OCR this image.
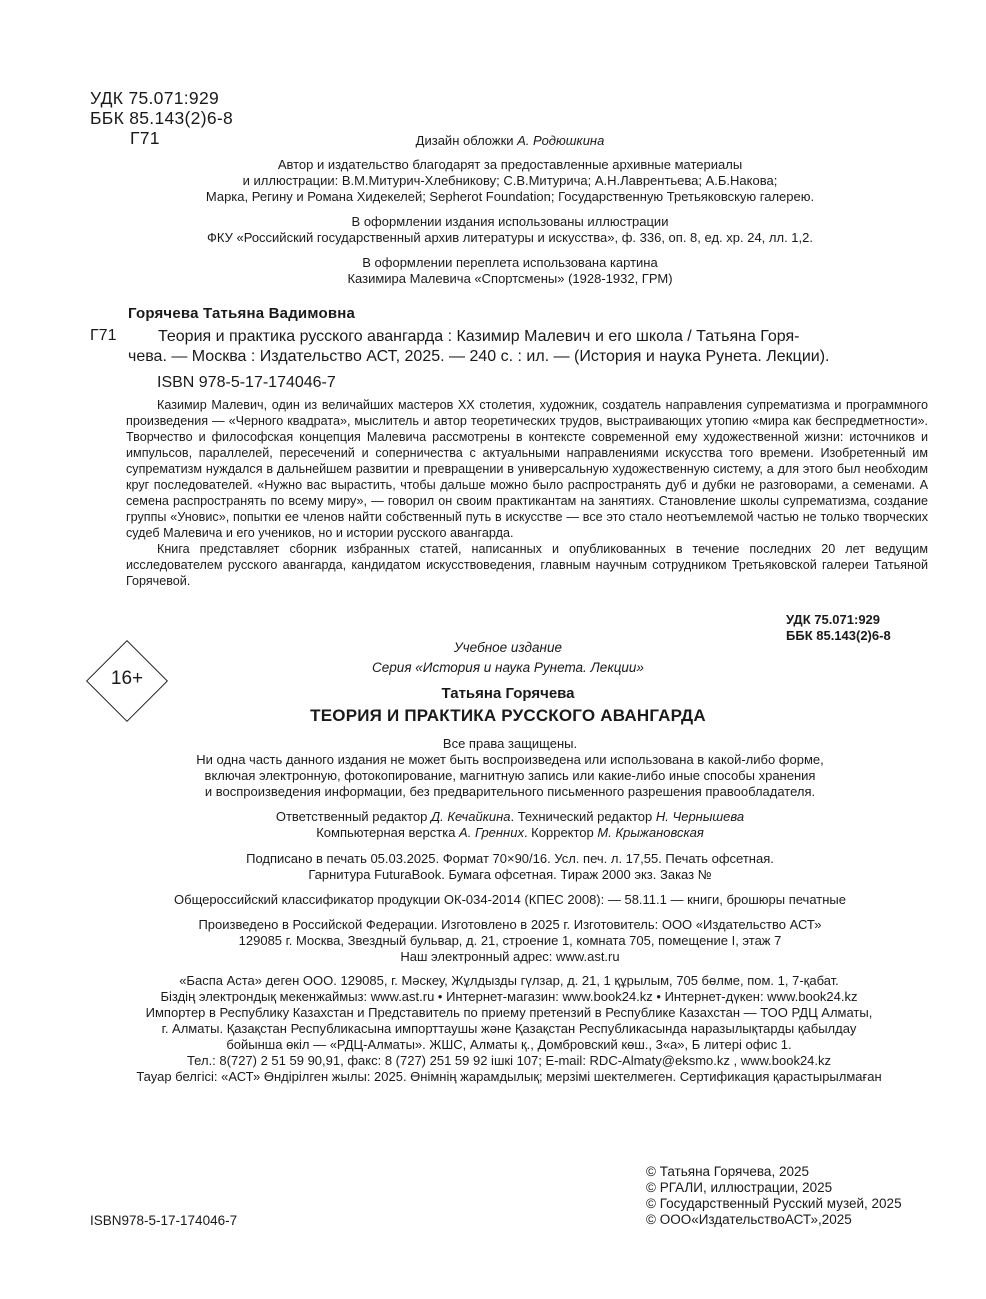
УДК 75.071:929
ББК 85.143(2)6-8
Г71	Дизайн обложки А. Родюшкина

Автор и издательство благодарят за предоставленные архивные материалы

и иллюстрации: В.М.Митурич-Хлебникову; С.В.Митурича; А.Н.Лаврентьева; А.Б.Накова;

Марка, Регину и Романа Хидекелей; Sepherot Foundation; Государственную Третьяковскую галерею.

В оформлении издания использованы иллюстрации

ФКУ «Российский государственный архив литературы и искусства», ф. 336, оп. 8, ед. хр. 24, лл. 1,2.

В оформлении переплета использована картина

Казимира Малевича «Спортсмены» (1928-1932, ГРМ)

Горячева Татьяна Вадимовна
Г71	Теория и практика русского авангарда : Казимир Малевич и его школа / Татьяна Горя-
чева. — Москва : Издательство АСТ, 2025. — 240 с. : ил. — (История и наука Рунета. Лекции).
ISBN 978-5-17-174046-7

Казимир Малевич, один из величайших мастеров XX столетия, художник, создатель направления супрематизма и программного произведения — «Черного квадрата», мыслитель и автор теоретических трудов, выстраивающих утопию «мира как беспредметности». Творчество и философская концепция Малевича рассмотрены в контексте современной ему художественной жизни: источников и импульсов, параллелей, пересечений и соперничества с актуальными направлениями искусства того времени. Изобретенный им супрематизм нуждался в дальнейшем развитии и превращении в универсальную художественную систему, а для этого был необходим круг последователей. «Нужно вас вырастить, чтобы дальше можно было распространять дуб и дубки не разговорами, а семенами. А семена распространять по всему миру», — говорил он своим практикантам на занятиях. Становление школы супрематизма, создание группы «Уновис», попытки ее членов найти собственный путь в искусстве — все это стало неотъемлемой частью не только творческих судеб Малевича и его учеников, но и истории русского авангарда.

Книга представляет сборник избранных статей, написанных и опубликованных в течение последних 20 лет ведущим исследователем русского авангарда, кандидатом искусствоведения, главным научным сотрудником Третьяковской галереи Татьяной Горячевой.

УДК 75.071:929
ББК 85.143(2)6-8
16+
Учебное издание
Серия «История и наука Рунета. Лекции»
Татьяна Горячева
ТЕОРИЯ И ПРАКТИКА РУССКОГО АВАНГАРДА
Все права защищены.
Ни одна часть данного издания не может быть воспроизведена или использована в какой-либо форме,
включая электронную, фотокопирование, магнитную запись или какие-либо иные способы хранения
и воспроизведения информации, без предварительного письменного разрешения правообладателя.
Ответственный редактор Д. Кечайкина. Технический редактор Н. Чернышева
Компьютерная верстка А. Гренних. Корректор М. Крыжановская
Подписано в печать 05.03.2025. Формат 70×90/16. Усл. печ. л. 17,55. Печать офсетная.
Гарнитура FuturaBook. Бумага офсетная. Тираж 2000 экз. Заказ №
Общероссийский классификатор продукции ОК-034-2014 (КПЕС 2008): — 58.11.1 — книги, брошюры печатные
Произведено в Российской Федерации. Изготовлено в 2025 г. Изготовитель: ООО «Издательство АСТ»
129085 г. Москва, Звездный бульвар, д. 21, строение 1, комната 705, помещение I, этаж 7
Наш электронный адрес: www.ast.ru
«Баспа Аста» деген ООО. 129085, г. Мәскеу, Жұлдызды гүлзар, д. 21, 1 құрылым, 705 бөлме, пом. 1, 7-қабат.
Біздің электрондық мекенжаймыз: www.ast.ru • Интернет-магазин: www.book24.kz • Интернет-дүкен: www.book24.kz
Импортер в Республику Казахстан и Представитель по приему претензий в Республике Казахстан — ТОО РДЦ Алматы,
г. Алматы. Қазақстан Республикасына импорттаушы және Қазақстан Республикасында наразылықтарды қабылдау
бойынша өкіл — «РДЦ-Алматы». ЖШС, Алматы қ., Домбровский көш., 3«а», Б литері офис 1.
Тел.: 8(727) 2 51 59 90,91, факс: 8 (727) 251 59 92 ішкі 107; E-mail: RDC-Almaty@eksmo.kz , www.book24.kz
Тауар белгісі: «АСТ» Өндірілген жылы: 2025. Өнімнің жарамдылық; мерзімі шектелмеген. Сертификация қарастырылмаған
© Татьяна Горячева, 2025
© РГАЛИ, иллюстрации, 2025
© Государственный Русский музей, 2025
© ООО«ИздательствоАСТ»,2025
ISBN978-5-17-174046-7
